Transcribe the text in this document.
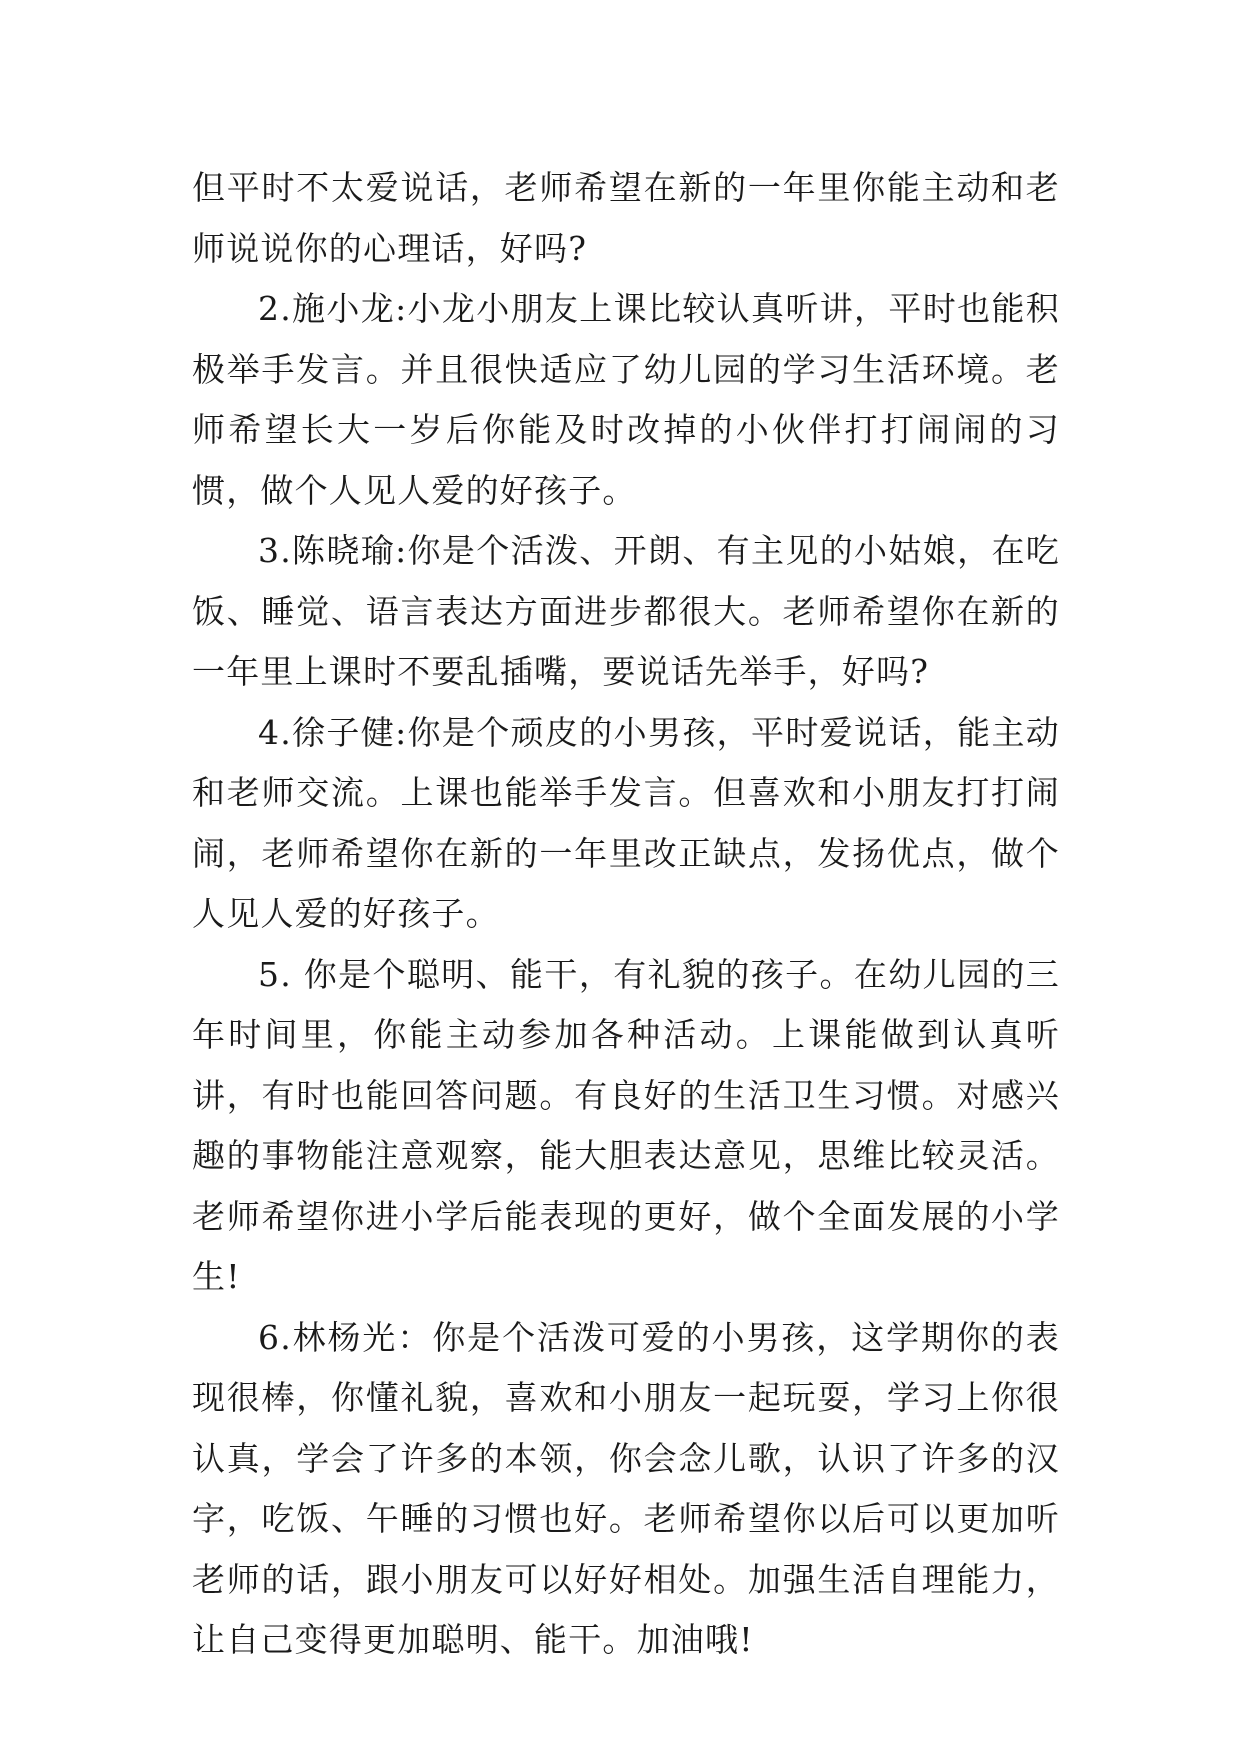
但平时不太爱说话，老师希望在新的一年里你能主动和老师说说你的心理话，好吗?

2.施小龙:小龙小朋友上课比较认真听讲，平时也能积极举手发言。并且很快适应了幼儿园的学习生活环境。老师希望长大一岁后你能及时改掉的小伙伴打打闹闹的习惯，做个人见人爱的好孩子。

3.陈晓瑜:你是个活泼、开朗、有主见的小姑娘，在吃饭、睡觉、语言表达方面进步都很大。老师希望你在新的一年里上课时不要乱插嘴，要说话先举手，好吗?

4.徐子健:你是个顽皮的小男孩，平时爱说话，能主动和老师交流。上课也能举手发言。但喜欢和小朋友打打闹闹，老师希望你在新的一年里改正缺点，发扬优点，做个人见人爱的好孩子。

5. 你是个聪明、能干，有礼貌的孩子。在幼儿园的三年时间里，你能主动参加各种活动。上课能做到认真听讲，有时也能回答问题。有良好的生活卫生习惯。对感兴趣的事物能注意观察，能大胆表达意见，思维比较灵活。老师希望你进小学后能表现的更好，做个全面发展的小学生!

6.林杨光：你是个活泼可爱的小男孩，这学期你的表现很棒，你懂礼貌，喜欢和小朋友一起玩耍，学习上你很认真，学会了许多的本领，你会念儿歌，认识了许多的汉字，吃饭、午睡的习惯也好。老师希望你以后可以更加听老师的话，跟小朋友可以好好相处。加强生活自理能力，让自己变得更加聪明、能干。加油哦!
